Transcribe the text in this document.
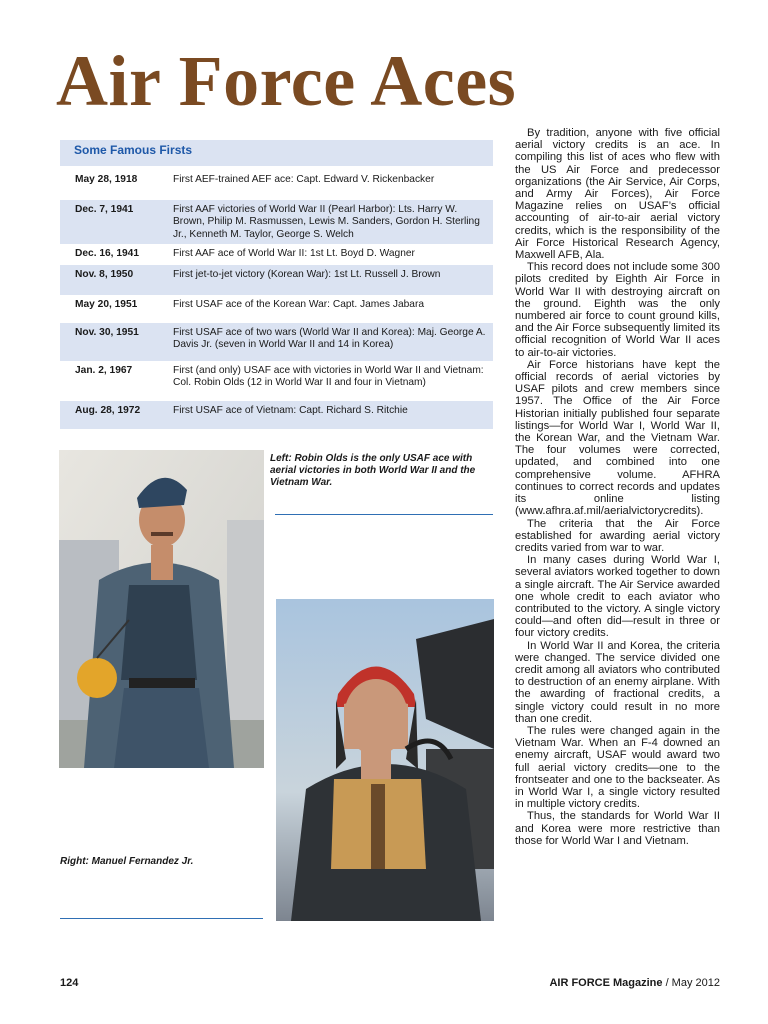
Air Force Aces
Some Famous Firsts
May 28, 1918	First AEF-trained AEF ace: Capt. Edward V. Rickenbacker
Dec. 7, 1941	First AAF victories of World War II (Pearl Harbor): Lts. Harry W. Brown, Philip M. Rasmussen, Lewis M. Sanders, Gordon H. Sterling Jr., Kenneth M. Taylor, George S. Welch
Dec. 16, 1941	First AAF ace of World War II: 1st Lt. Boyd D. Wagner
Nov. 8, 1950	First jet-to-jet victory (Korean War): 1st Lt. Russell J. Brown
May 20, 1951	First USAF ace of the Korean War: Capt. James Jabara
Nov. 30, 1951	First USAF ace of two wars (World War II and Korea): Maj. George A. Davis Jr. (seven in World War II and 14 in Korea)
Jan. 2, 1967	First (and only) USAF ace with victories in World War II and Vietnam: Col. Robin Olds (12 in World War II and four in Vietnam)
Aug. 28, 1972	First USAF ace of Vietnam: Capt. Richard S. Ritchie
Left: Robin Olds is the only USAF ace with aerial victories in both World War II and the Vietnam War.
Right: Manuel Fernandez Jr.

By tradition, anyone with five official aerial victory credits is an ace. In compiling this list of aces who flew with the US Air Force and predecessor organizations (the Air Service, Air Corps, and Army Air Forces), Air Force Magazine relies on USAF’s official accounting of air-to-air aerial victory credits, which is the responsibility of the Air Force Historical Research Agency, Maxwell AFB, Ala.

This record does not include some 300 pilots credited by Eighth Air Force in World War II with destroying aircraft on the ground. Eighth was the only numbered air force to count ground kills, and the Air Force subsequently limited its official recognition of World War II aces to air-to-air victories.

Air Force historians have kept the official records of aerial victories by USAF pilots and crew members since 1957. The Office of the Air Force Historian initially published four separate listings—for World War I, World War II, the Korean War, and the Vietnam War. The four volumes were corrected, updated, and combined into one comprehensive volume. AFHRA continues to correct records and updates its online listing (www.afhra.af.mil/aerialvictorycredits).

The criteria that the Air Force established for awarding aerial victory credits varied from war to war.

In many cases during World War I, several aviators worked together to down a single aircraft. The Air Service awarded one whole credit to each aviator who contributed to the victory. A single victory could—and often did—result in three or four victory credits.

In World War II and Korea, the criteria were changed. The service divided one credit among all aviators who contributed to destruction of an enemy airplane. With the awarding of fractional credits, a single victory could result in no more than one credit.

The rules were changed again in the Vietnam War. When an F-4 downed an enemy aircraft, USAF would award two full aerial victory credits—one to the frontseater and one to the backseater. As in World War I, a single victory resulted in multiple victory credits.

Thus, the standards for World War II and Korea were more restrictive than those for World War I and Vietnam.

124	AIR FORCE Magazine / May 2012
